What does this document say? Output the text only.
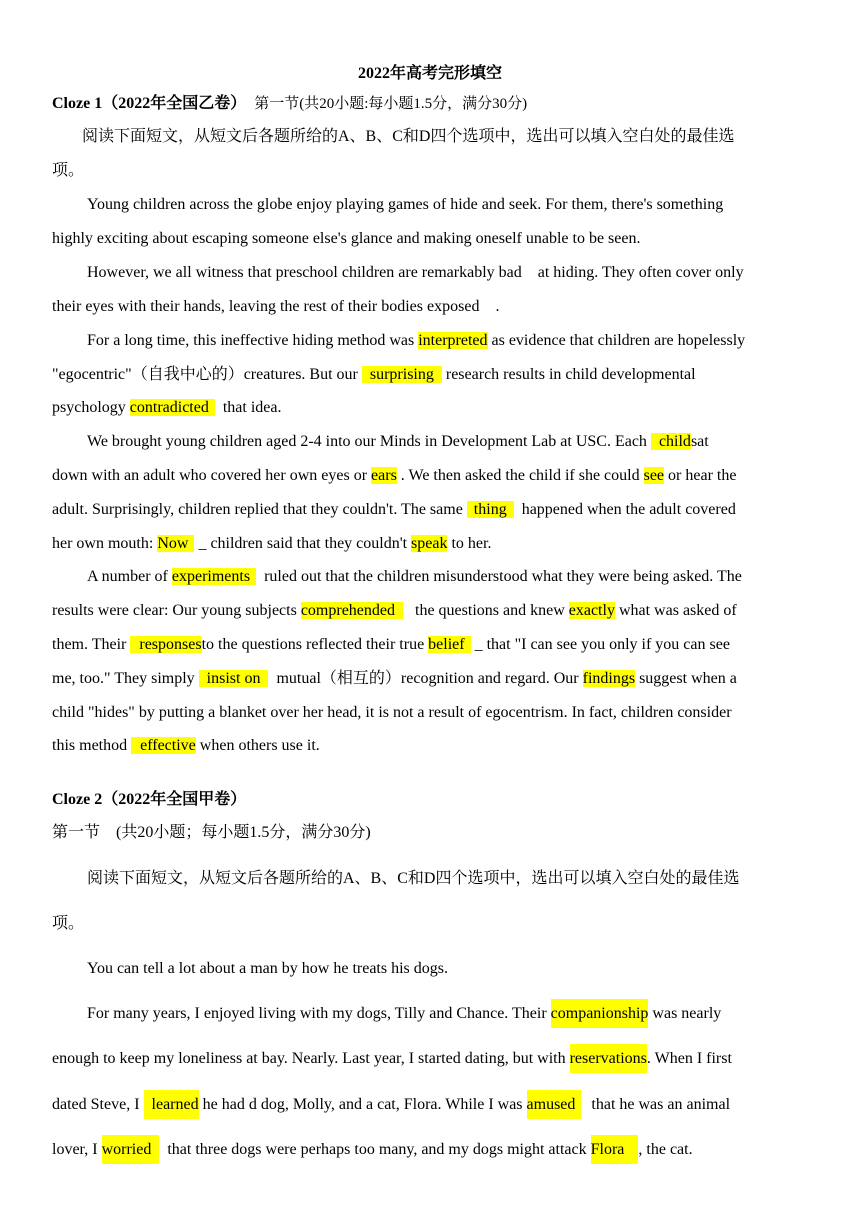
2022年高考完形填空
Cloze 1（2022年全国乙卷） 第一节(共20小题:每小题1.5分，满分30分)
阅读下面短文，从短文后各题所给的A、B、C和D四个选项中，选出可以填入空白处的最佳选
项。
Young children across the globe enjoy playing games of hide and seek. For them, there's something
highly exciting about escaping someone else's glance and making oneself unable to be seen.
However, we all witness that preschool children are remarkably bad at hiding. They often cover only
their eyes with their hands, leaving the rest of their bodies exposed .
For a long time, this ineffective hiding method was interpreted as evidence that children are hopelessly
"egocentric"（自我中心的）creatures. But our surprising research results in child developmental
psychology contradicted that idea.
We brought young children aged 2-4 into our Minds in Development Lab at USC. Each childsat
down with an adult who covered her own eyes or ears . We then asked the child if she could see or hear the
adult. Surprisingly, children replied that they couldn't. The same thing happened when the adult covered
her own mouth: Now _ children said that they couldn't speak to her.
A number of experiments ruled out that the children misunderstood what they were being asked. The
results were clear: Our young subjects comprehended the questions and knew exactly what was asked of
them. Their responsesto the questions reflected their true belief _ that "I can see you only if you can see
me, too." They simply insist on mutual（相互的）recognition and regard. Our findings suggest when a
child "hides" by putting a blanket over her head, it is not a result of egocentrism. In fact, children consider
this method effective when others use it.
Cloze 2（2022年全国甲卷）
第一节　(共20小题；每小题1.5分，满分30分)
阅读下面短文，从短文后各题所给的A、B、C和D四个选项中，选出可以填入空白处的最佳选
项。
You can tell a lot about a man by how he treats his dogs.
For many years, I enjoyed living with my dogs, Tilly and Chance. Their companionship was nearly
enough to keep my loneliness at bay. Nearly. Last year, I started dating, but with reservations. When I first
dated Steve, I learned he had d dog, Molly, and a cat, Flora. While I was amused that he was an animal
lover, I worried that three dogs were perhaps too many, and my dogs might attack Flora , the cat.
